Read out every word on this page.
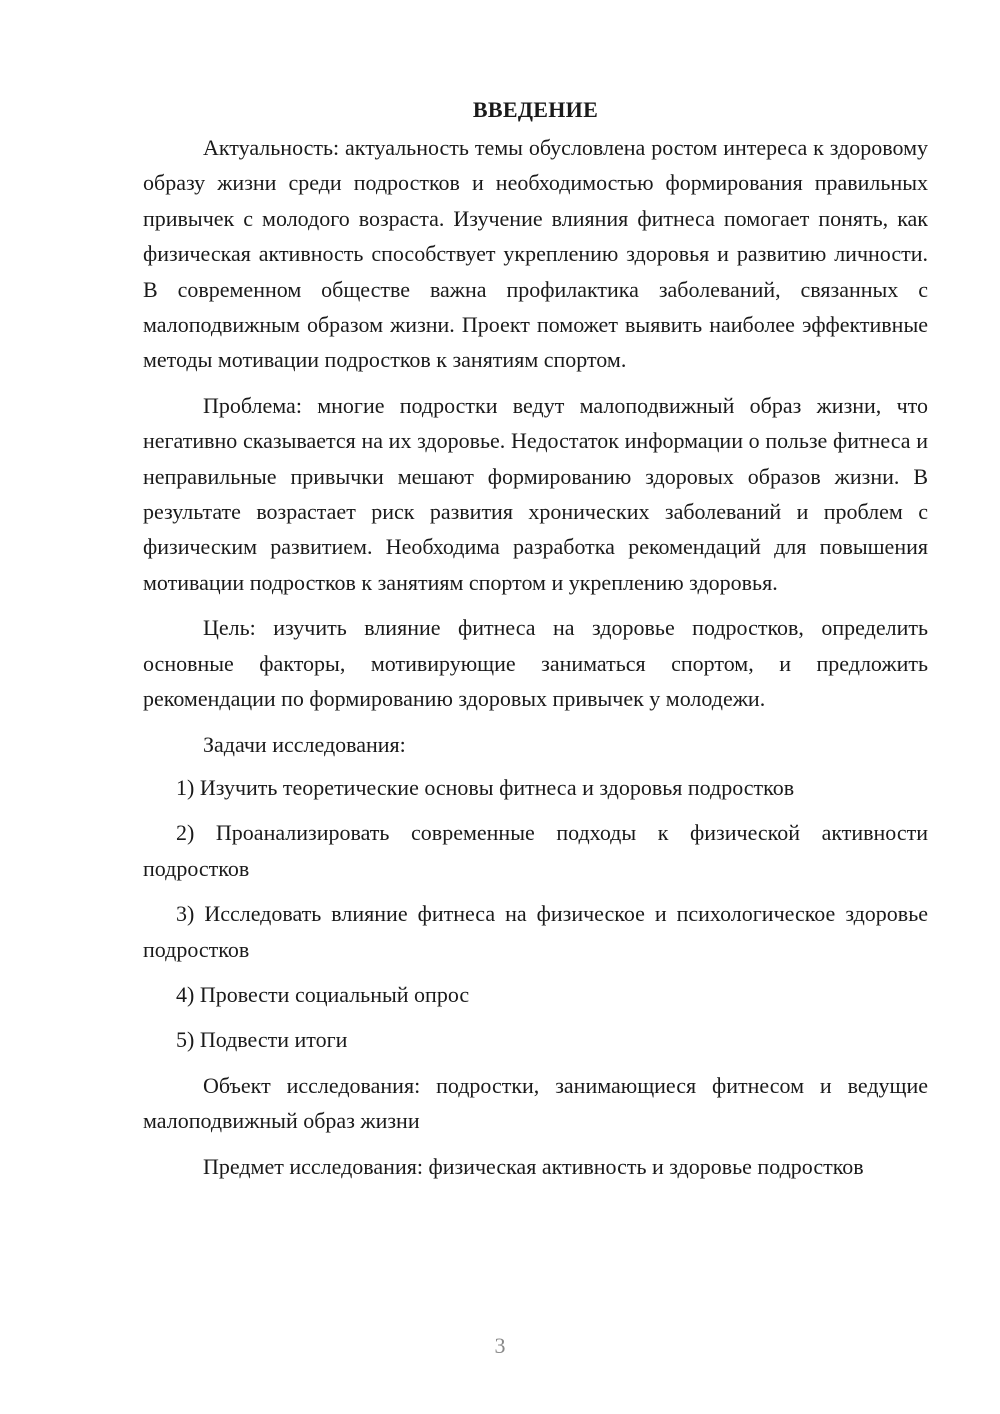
ВВЕДЕНИЕ

Актуальность: актуальность темы обусловлена ростом интереса к здоровому образу жизни среди подростков и необходимостью формирования правильных привычек с молодого возраста. Изучение влияния фитнеса помогает понять, как физическая активность способствует укреплению здоровья и развитию личности. В современном обществе важна профилактика заболеваний, связанных с малоподвижным образом жизни. Проект поможет выявить наиболее эффективные методы мотивации подростков к занятиям спортом.

Проблема: многие подростки ведут малоподвижный образ жизни, что негативно сказывается на их здоровье. Недостаток информации о пользе фитнеса и неправильные привычки мешают формированию здоровых образов жизни. В результате возрастает риск развития хронических заболеваний и проблем с физическим развитием. Необходима разработка рекомендаций для повышения мотивации подростков к занятиям спортом и укреплению здоровья.

Цель: изучить влияние фитнеса на здоровье подростков, определить основные факторы, мотивирующие заниматься спортом, и предложить рекомендации по формированию здоровых привычек у молодежи.

Задачи исследования:

1) Изучить теоретические основы фитнеса и здоровья подростков

2) Проанализировать современные подходы к физической активности подростков

3) Исследовать влияние фитнеса на физическое и психологическое здоровье подростков

4) Провести социальный опрос

5) Подвести итоги

Объект исследования: подростки, занимающиеся фитнесом и ведущие малоподвижный образ жизни

Предмет исследования: физическая активность и здоровье подростков

3
